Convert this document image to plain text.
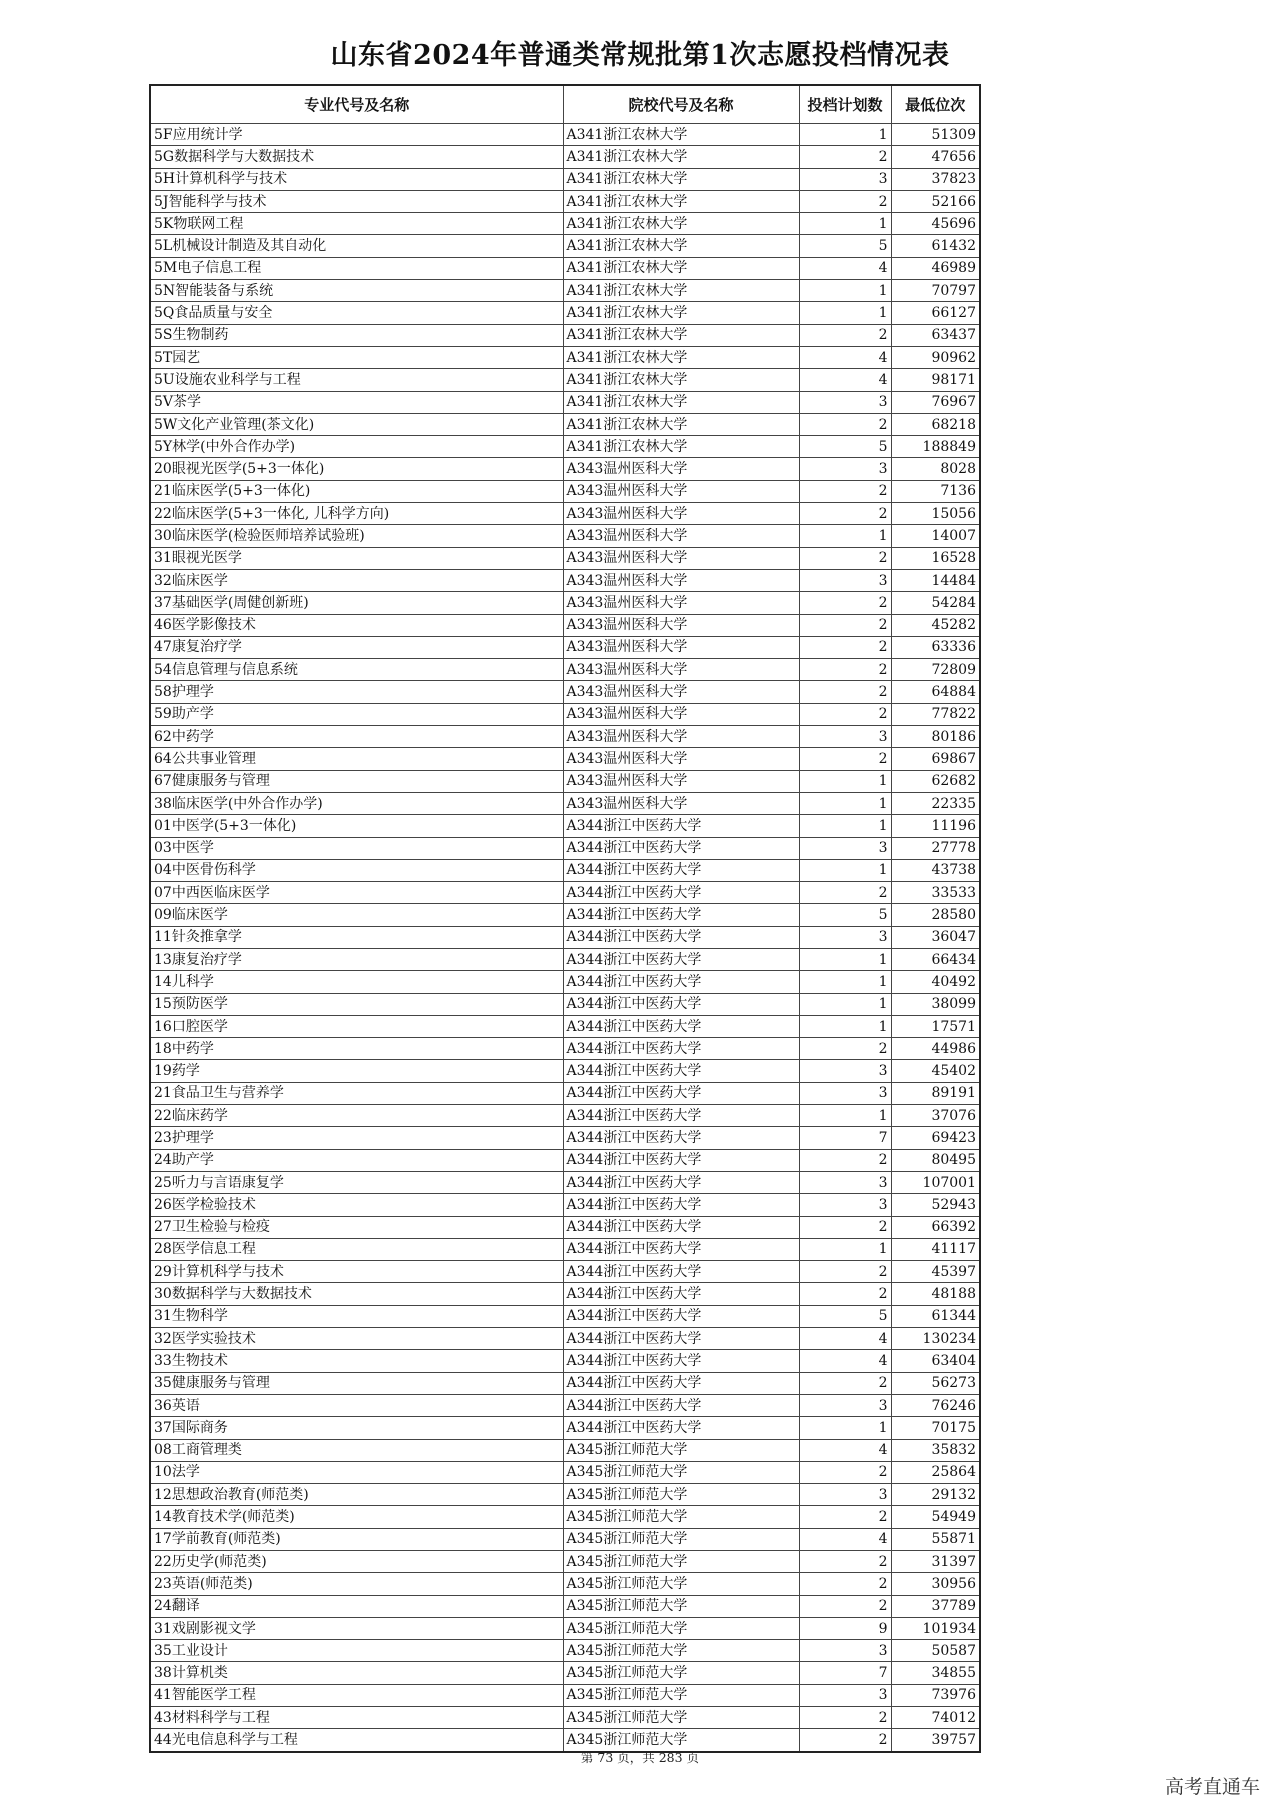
山东省2024年普通类常规批第1次志愿投档情况表
专业代号及名称	院校代号及名称	投档计划数	最低位次
5F应用统计学	A341浙江农林大学	1	51309
5G数据科学与大数据技术	A341浙江农林大学	2	47656
5H计算机科学与技术	A341浙江农林大学	3	37823
5J智能科学与技术	A341浙江农林大学	2	52166
5K物联网工程	A341浙江农林大学	1	45696
5L机械设计制造及其自动化	A341浙江农林大学	5	61432
5M电子信息工程	A341浙江农林大学	4	46989
5N智能装备与系统	A341浙江农林大学	1	70797
5Q食品质量与安全	A341浙江农林大学	1	66127
5S生物制药	A341浙江农林大学	2	63437
5T园艺	A341浙江农林大学	4	90962
5U设施农业科学与工程	A341浙江农林大学	4	98171
5V茶学	A341浙江农林大学	3	76967
5W文化产业管理(茶文化)	A341浙江农林大学	2	68218
5Y林学(中外合作办学)	A341浙江农林大学	5	188849
20眼视光医学(5+3一体化)	A343温州医科大学	3	8028
21临床医学(5+3一体化)	A343温州医科大学	2	7136
22临床医学(5+3一体化, 儿科学方向)	A343温州医科大学	2	15056
30临床医学(检验医师培养试验班)	A343温州医科大学	1	14007
31眼视光医学	A343温州医科大学	2	16528
32临床医学	A343温州医科大学	3	14484
37基础医学(周健创新班)	A343温州医科大学	2	54284
46医学影像技术	A343温州医科大学	2	45282
47康复治疗学	A343温州医科大学	2	63336
54信息管理与信息系统	A343温州医科大学	2	72809
58护理学	A343温州医科大学	2	64884
59助产学	A343温州医科大学	2	77822
62中药学	A343温州医科大学	3	80186
64公共事业管理	A343温州医科大学	2	69867
67健康服务与管理	A343温州医科大学	1	62682
38临床医学(中外合作办学)	A343温州医科大学	1	22335
01中医学(5+3一体化)	A344浙江中医药大学	1	11196
03中医学	A344浙江中医药大学	3	27778
04中医骨伤科学	A344浙江中医药大学	1	43738
07中西医临床医学	A344浙江中医药大学	2	33533
09临床医学	A344浙江中医药大学	5	28580
11针灸推拿学	A344浙江中医药大学	3	36047
13康复治疗学	A344浙江中医药大学	1	66434
14儿科学	A344浙江中医药大学	1	40492
15预防医学	A344浙江中医药大学	1	38099
16口腔医学	A344浙江中医药大学	1	17571
18中药学	A344浙江中医药大学	2	44986
19药学	A344浙江中医药大学	3	45402
21食品卫生与营养学	A344浙江中医药大学	3	89191
22临床药学	A344浙江中医药大学	1	37076
23护理学	A344浙江中医药大学	7	69423
24助产学	A344浙江中医药大学	2	80495
25听力与言语康复学	A344浙江中医药大学	3	107001
26医学检验技术	A344浙江中医药大学	3	52943
27卫生检验与检疫	A344浙江中医药大学	2	66392
28医学信息工程	A344浙江中医药大学	1	41117
29计算机科学与技术	A344浙江中医药大学	2	45397
30数据科学与大数据技术	A344浙江中医药大学	2	48188
31生物科学	A344浙江中医药大学	5	61344
32医学实验技术	A344浙江中医药大学	4	130234
33生物技术	A344浙江中医药大学	4	63404
35健康服务与管理	A344浙江中医药大学	2	56273
36英语	A344浙江中医药大学	3	76246
37国际商务	A344浙江中医药大学	1	70175
08工商管理类	A345浙江师范大学	4	35832
10法学	A345浙江师范大学	2	25864
12思想政治教育(师范类)	A345浙江师范大学	3	29132
14教育技术学(师范类)	A345浙江师范大学	2	54949
17学前教育(师范类)	A345浙江师范大学	4	55871
22历史学(师范类)	A345浙江师范大学	2	31397
23英语(师范类)	A345浙江师范大学	2	30956
24翻译	A345浙江师范大学	2	37789
31戏剧影视文学	A345浙江师范大学	9	101934
35工业设计	A345浙江师范大学	3	50587
38计算机类	A345浙江师范大学	7	34855
41智能医学工程	A345浙江师范大学	3	73976
43材料科学与工程	A345浙江师范大学	2	74012
44光电信息科学与工程	A345浙江师范大学	2	39757
第 73 页，共 283 页
高考直通车
